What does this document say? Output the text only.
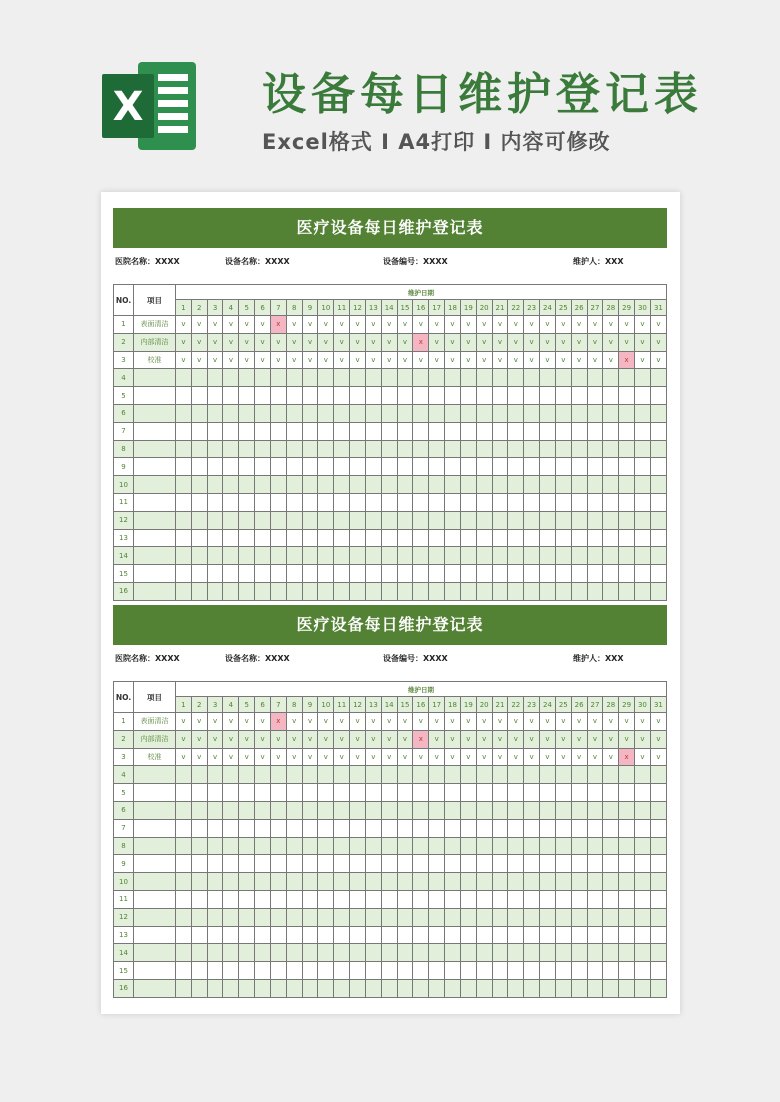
X	设备每日维护登记表
Excel格式 I A4打印 I 内容可修改
医疗设备每日维护登记表
医院名称：XXXX	设备名称：XXXX	设备编号：XXXX	维护人：XXX
NO.	项目	维护日期																														
		1	2	3	4	5	6	7	8	9	10	11	12	13	14	15	16	17	18	19	20	21	22	23	24	25	26	27	28	29	30	31
1	表面清洁	v	v	v	v	v	v	x	v	v	v	v	v	v	v	v	v	v	v	v	v	v	v	v	v	v	v	v	v	v	v	v
2	内部清洁	v	v	v	v	v	v	v	v	v	v	v	v	v	v	v	x	v	v	v	v	v	v	v	v	v	v	v	v	v	v	v
3	校准	v	v	v	v	v	v	v	v	v	v	v	v	v	v	v	v	v	v	v	v	v	v	v	v	v	v	v	v	x	v	v
4																																
5																																
6																																
7																																
8																																
9																																
10																																
11																																
12																																
13																																
14																																
15																																
16																																
医疗设备每日维护登记表
医院名称：XXXX	设备名称：XXXX	设备编号：XXXX	维护人：XXX
NO.	项目	维护日期																														
		1	2	3	4	5	6	7	8	9	10	11	12	13	14	15	16	17	18	19	20	21	22	23	24	25	26	27	28	29	30	31
1	表面清洁	v	v	v	v	v	v	x	v	v	v	v	v	v	v	v	v	v	v	v	v	v	v	v	v	v	v	v	v	v	v	v
2	内部清洁	v	v	v	v	v	v	v	v	v	v	v	v	v	v	v	x	v	v	v	v	v	v	v	v	v	v	v	v	v	v	v
3	校准	v	v	v	v	v	v	v	v	v	v	v	v	v	v	v	v	v	v	v	v	v	v	v	v	v	v	v	v	x	v	v
4																																
5																																
6																																
7																																
8																																
9																																
10																																
11																																
12																																
13																																
14																																
15																																
16																																
